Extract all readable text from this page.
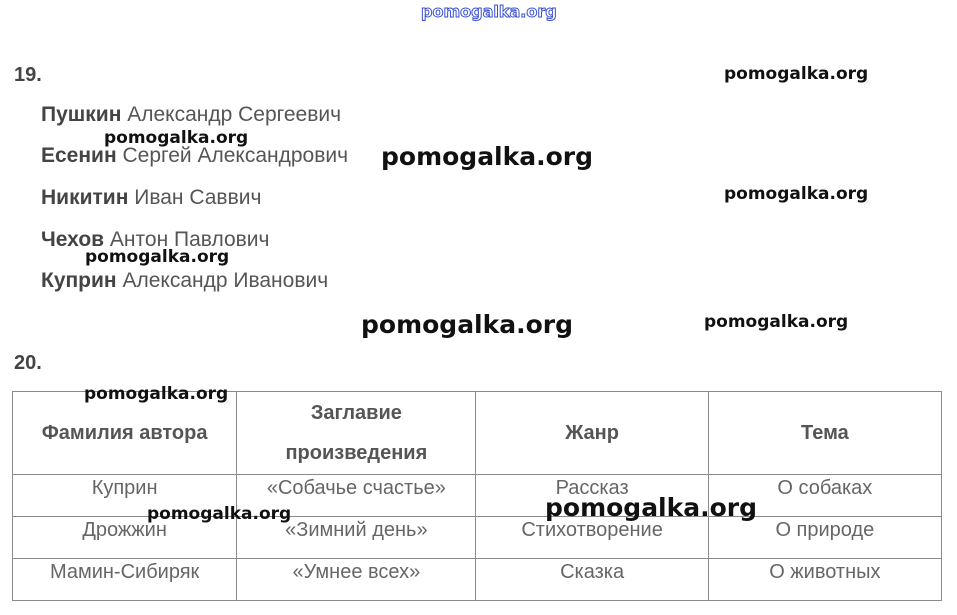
pomogalka.org
19.
Пушкин Александр Сергеевич
Есенин Сергей Александрович
Никитин Иван Саввич
Чехов Антон Павлович
Куприн Александр Иванович
20.
Фамилия автора	Заглавие произведения	Жанр	Тема
Куприн	«Собачье счастье»	Рассказ	О собаках
Дрожжин	«Зимний день»	Стихотворение	О природе
Мамин-Сибиряк	«Умнее всех»	Сказка	О животных
pomogalka.org
pomogalka.org
pomogalka.org
pomogalka.org
pomogalka.org
pomogalka.org	pomogalka.org
pomogalka.org
pomogalka.org	pomogalka.org
